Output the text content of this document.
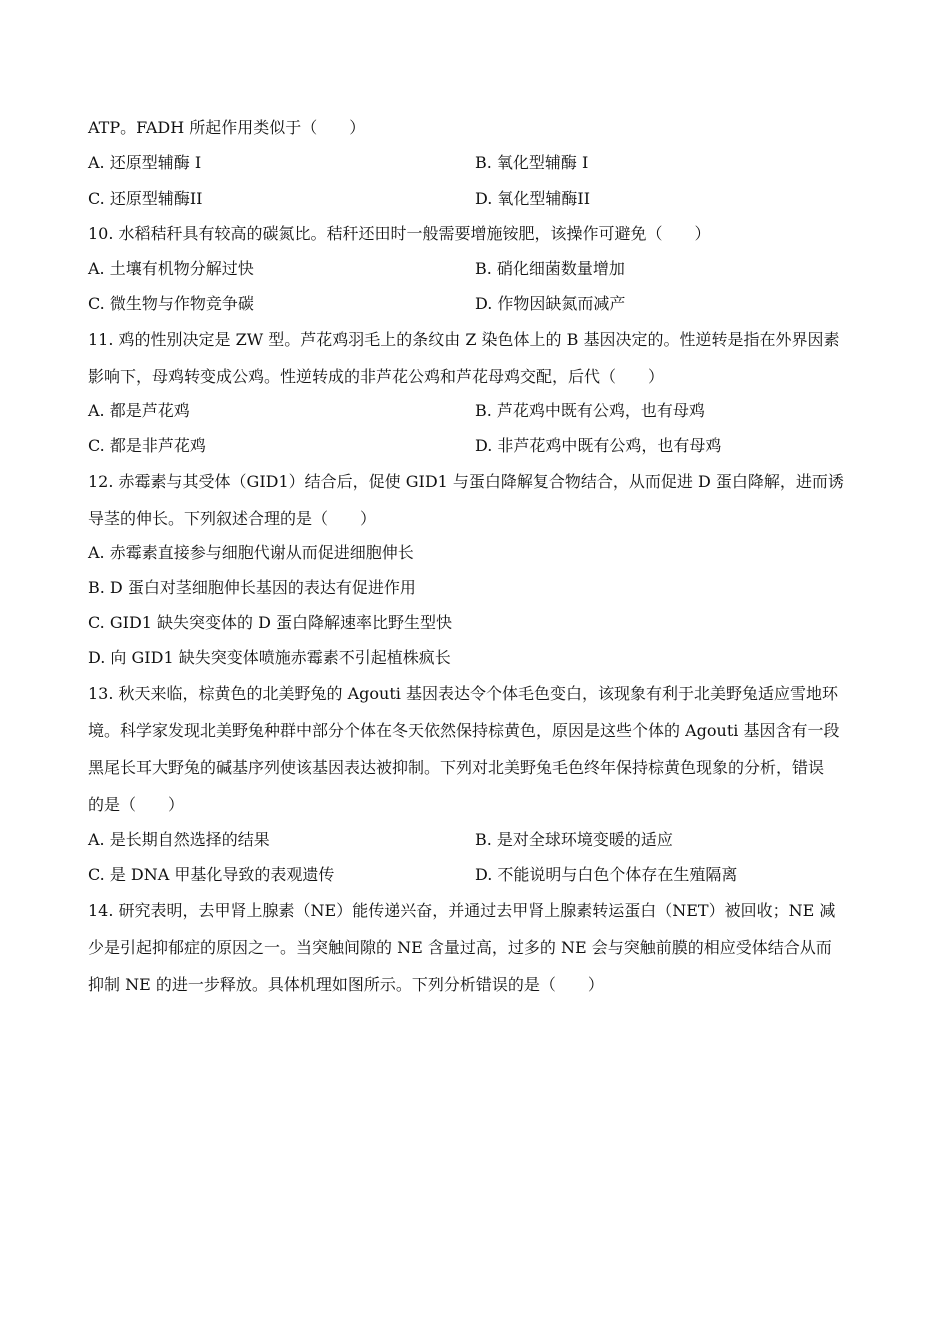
ATP。FADH 所起作用类似于（　　）
A. 还原型辅酶 I	B. 氧化型辅酶 I
C. 还原型辅酶II	D. 氧化型辅酶II
10. 水稻秸秆具有较高的碳氮比。秸秆还田时一般需要增施铵肥，该操作可避免（　　）
A. 土壤有机物分解过快	B. 硝化细菌数量增加
C. 微生物与作物竞争碳	D. 作物因缺氮而减产
11. 鸡的性别决定是 ZW 型。芦花鸡羽毛上的条纹由 Z 染色体上的 B 基因决定的。性逆转是指在外界因素
影响下，母鸡转变成公鸡。性逆转成的非芦花公鸡和芦花母鸡交配，后代（　　）
A. 都是芦花鸡	B. 芦花鸡中既有公鸡，也有母鸡
C. 都是非芦花鸡	D. 非芦花鸡中既有公鸡，也有母鸡
12. 赤霉素与其受体（GID1）结合后，促使 GID1 与蛋白降解复合物结合，从而促进 D 蛋白降解，进而诱
导茎的伸长。下列叙述合理的是（　　）
A. 赤霉素直接参与细胞代谢从而促进细胞伸长
B. D 蛋白对茎细胞伸长基因的表达有促进作用
C. GID1 缺失突变体的 D 蛋白降解速率比野生型快
D. 向 GID1 缺失突变体喷施赤霉素不引起植株疯长
13. 秋天来临，棕黄色的北美野兔的 Agouti 基因表达令个体毛色变白，该现象有利于北美野兔适应雪地环
境。科学家发现北美野兔种群中部分个体在冬天依然保持棕黄色，原因是这些个体的 Agouti 基因含有一段
黑尾长耳大野兔的碱基序列使该基因表达被抑制。下列对北美野兔毛色终年保持棕黄色现象的分析，错误
的是（　　）
A. 是长期自然选择的结果	B. 是对全球环境变暖的适应
C. 是 DNA 甲基化导致的表观遗传	D. 不能说明与白色个体存在生殖隔离
14. 研究表明，去甲肾上腺素（NE）能传递兴奋，并通过去甲肾上腺素转运蛋白（NET）被回收；NE 减
少是引起抑郁症的原因之一。当突触间隙的 NE 含量过高，过多的 NE 会与突触前膜的相应受体结合从而
抑制 NE 的进一步释放。具体机理如图所示。下列分析错误的是（　　）
